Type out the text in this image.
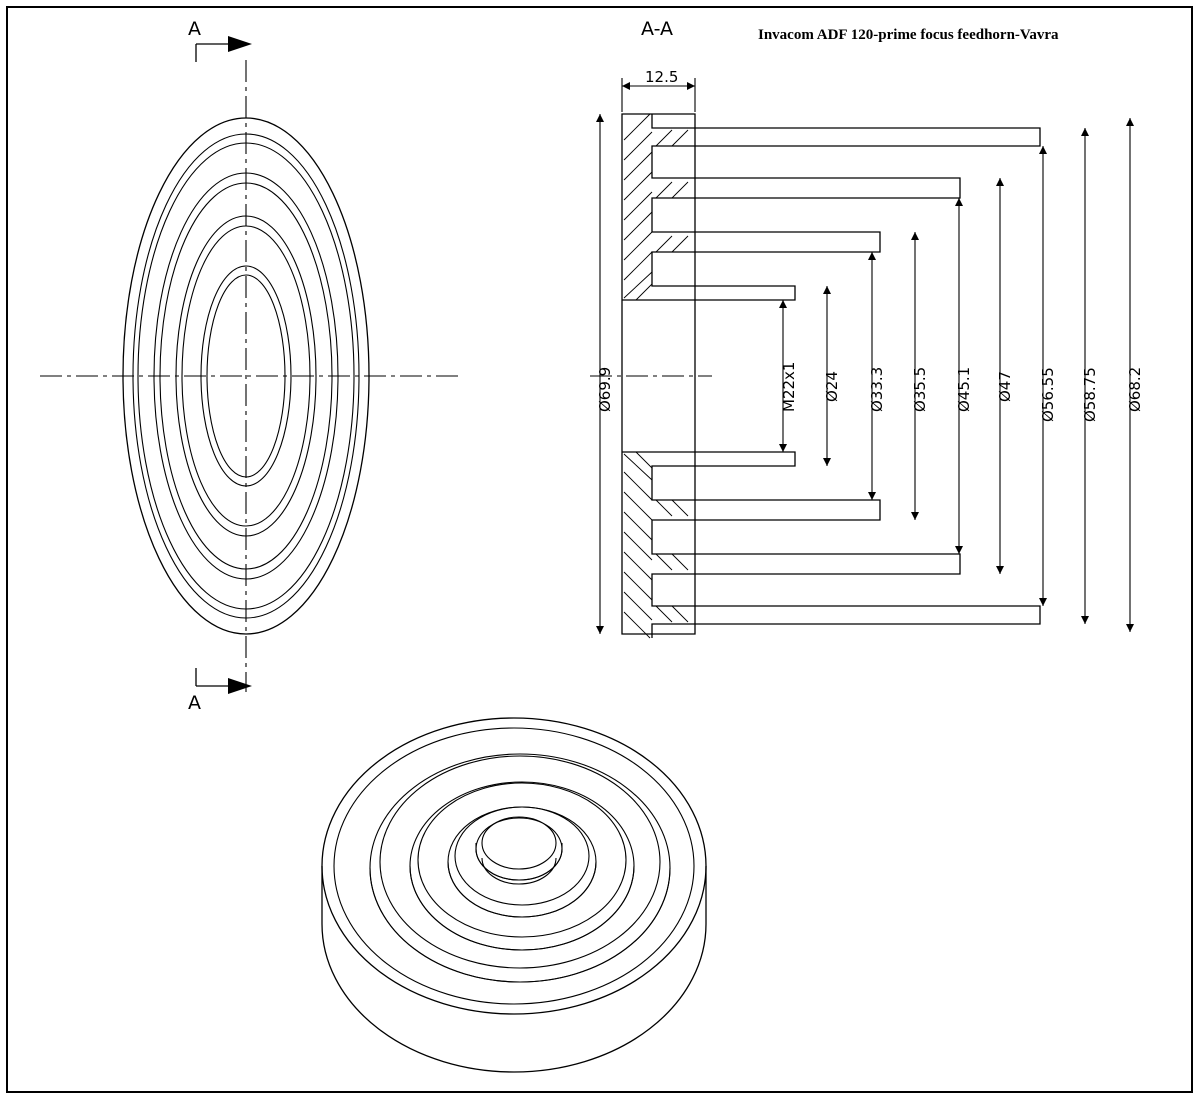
Invacom ADF 120-prime focus feedhorn-Vavra
A-A
A
A
12.5
Ø69.9	M22x1 Ø24 Ø33.3 Ø35.5 Ø45.1 Ø47 Ø56.55 Ø58.75 Ø68.2
